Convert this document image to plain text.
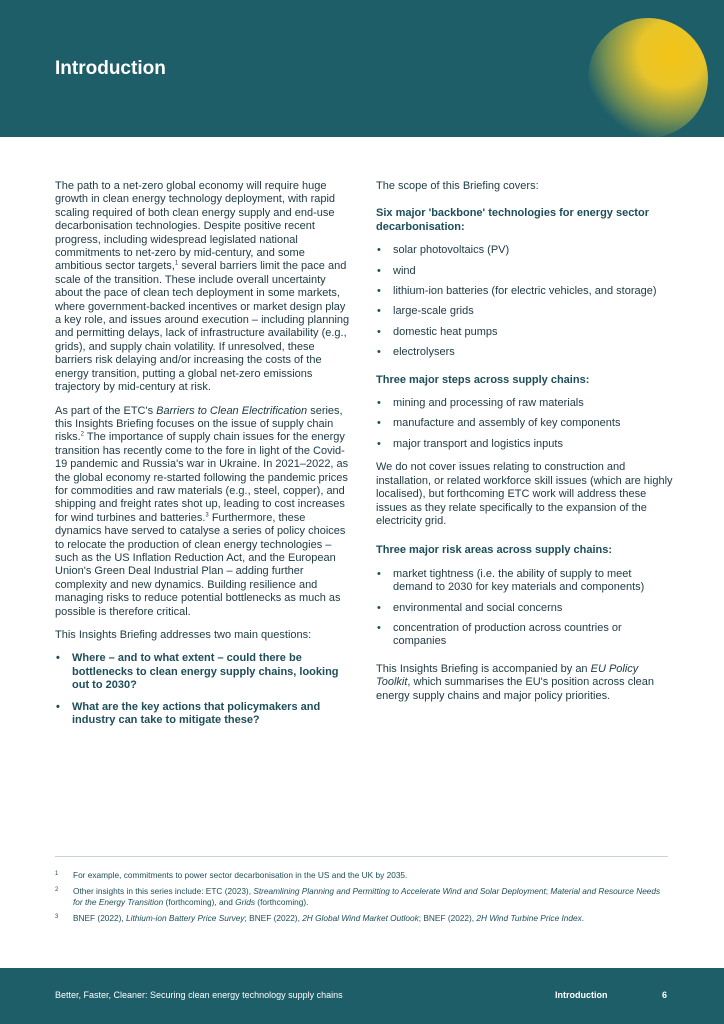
Introduction

The path to a net-zero global economy will require huge growth in clean energy technology deployment, with rapid scaling required of both clean energy supply and end-use decarbonisation technologies. Despite positive recent progress, including widespread legislated national commitments to net-zero by mid-century, and some ambitious sector targets,$^1$ several barriers limit the pace and scale of the transition. These include overall uncertainty about the pace of clean tech deployment in some markets, where government-backed incentives or market design play a key role, and issues around execution – including planning and permitting delays, lack of infrastructure availability (e.g., grids), and supply chain volatility. If unresolved, these barriers risk delaying and/or increasing the costs of the energy transition, putting a global net-zero emissions trajectory by mid-century at risk.

As part of the ETC's Barriers to Clean Electrification series, this Insights Briefing focuses on the issue of supply chain risks.$^2$ The importance of supply chain issues for the energy transition has recently come to the fore in light of the Covid-19 pandemic and Russia's war in Ukraine. In 2021–2022, as the global economy re-started following the pandemic prices for commodities and raw materials (e.g., steel, copper), and shipping and freight rates shot up, leading to cost increases for wind turbines and batteries.$^3$ Furthermore, these dynamics have served to catalyse a series of policy choices to relocate the production of clean energy technologies – such as the US Inflation Reduction Act, and the European Union's Green Deal Industrial Plan – adding further complexity and new dynamics. Building resilience and managing risks to reduce potential bottlenecks as much as possible is therefore critical.

This Insights Briefing addresses two main questions:

• Where – and to what extent – could there be bottlenecks to clean energy supply chains, looking out to 2030?
• What are the key actions that policymakers and industry can take to mitigate these?

The scope of this Briefing covers:

Six major 'backbone' technologies for energy sector decarbonisation:

• solar photovoltaics (PV)
• wind
• lithium-ion batteries (for electric vehicles, and storage)
• large-scale grids
• domestic heat pumps
• electrolysers

Three major steps across supply chains:

• mining and processing of raw materials
• manufacture and assembly of key components
• major transport and logistics inputs

We do not cover issues relating to construction and installation, or related workforce skill issues (which are highly localised), but forthcoming ETC work will address these issues as they relate specifically to the expansion of the electricity grid.

Three major risk areas across supply chains:

• market tightness (i.e. the ability of supply to meet demand to 2030 for key materials and components)
• environmental and social concerns
• concentration of production across countries or companies

This Insights Briefing is accompanied by an EU Policy Toolkit, which summarises the EU's position across clean energy supply chains and major policy priorities.

1 For example, commitments to power sector decarbonisation in the US and the UK by 2035.
2 Other insights in this series include: ETC (2023), Streamlining Planning and Permitting to Accelerate Wind and Solar Deployment; Material and Resource Needs for the Energy Transition (forthcoming), and Grids (forthcoming).
3 BNEF (2022), Lithium-ion Battery Price Survey; BNEF (2022), 2H Global Wind Market Outlook; BNEF (2022), 2H Wind Turbine Price Index.
Better, Faster, Cleaner: Securing clean energy technology supply chains	Introduction	6
